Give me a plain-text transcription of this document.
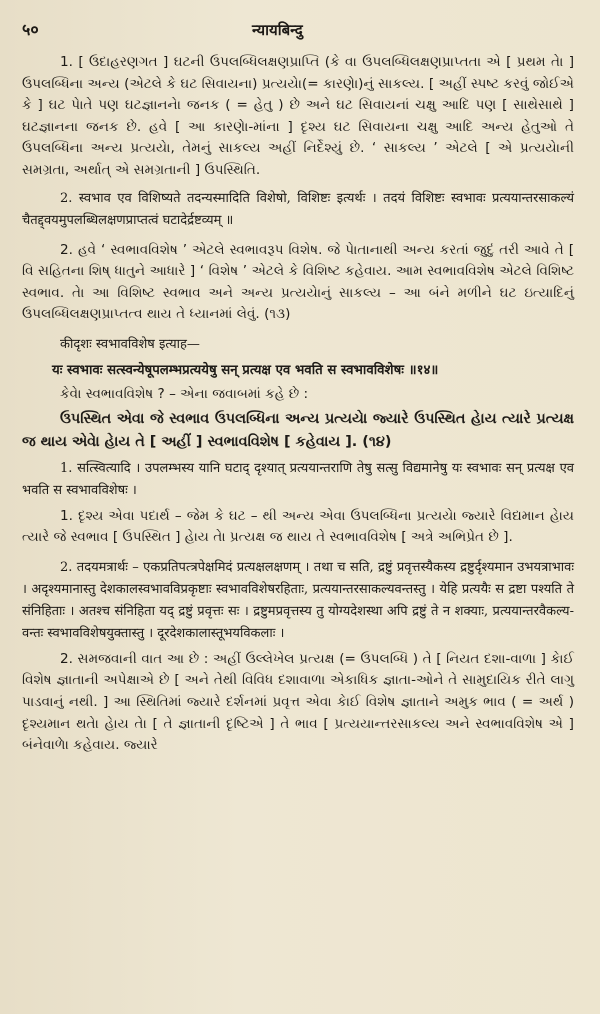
५०	न्यायबिन्दु

1. [ ઉદાહરણગત ] ઘટની ઉપલબ્ધિલક્ષણપ્રાપ્તિ (કે વા ઉપલબ્ધિલક્ષણપ્રાપ્તતા એ [ પ્રથમ તેા ] ઉપલબ્ધિના અન્ય (એટલે કે ઘટ સિવાયના) પ્રત્યયેા(= કારણેા)નું સાકલ્ય. [ અહીં સ્પષ્ટ કરવું જોઈએ કે ] ઘટ પેાતે પણ ઘટજ્ઞાનનેા જનક ( = હેતુ ) છે અને ઘટ સિવાયનાં ચક્ષુ આદિ પણ [ સાથેસાથે ] ઘટજ્ઞાનના જનક છે. હવે [ આ કારણેા-માંના ] દૃશ્ય ઘટ સિવાયના ચક્ષુ આદિ અન્ય હેતુઓ તે ઉપલબ્ધિના અન્ય પ્રત્યયેા, તેમનું સાકલ્ય અહીં નિર્દેશ્યું છે. ‘ સાકલ્ય ’ એટલે [ એ પ્રત્યયેાની સમગ્રતા, અર્થાત્ એ સમગ્રતાની ] ઉપસ્થિતિ.

2. स्वभाव एव विशिष्यते तदन्यस्मादिति विशेषो, विशिष्टः इत्यर्थः । तदयं विशिष्टः स्वभावः प्रत्ययान्तरसाकल्यं चैतद्द्वयमुपलब्धिलक्षणप्राप्तत्वं घटादेर्द्रष्टव्यम् ॥

2. હવે ‘ સ્વભાવવિશેષ ’ એટલે સ્વભાવરૂપ વિશેષ. જે પેાતાનાથી અન્ય કરતાં જુદું તરી આવે તે [ વિ સહિતના શિષ્ ધાતુને આધારે ] ‘ વિશેષ ’ એટલે કે વિશિષ્ટ કહેવાય. આમ સ્વભાવવિશેષ એટલે વિશિષ્ટ સ્વભાવ. તેા આ વિશિષ્ટ સ્વભાવ અને અન્ય પ્રત્યયેાનું સાકલ્ય – આ બંને મળીને ઘટ ઇત્યાદિનું ઉપલબ્ધિલક્ષણપ્રાપ્તત્વ થાય તે ધ્યાનમાં લેવું. (૧૩)

कीदृशः स्वभावविशेष इत्याह—

यः स्वभावः सत्स्वन्येषूपलम्भप्रत्ययेषु सन् प्रत्यक्ष एव भवति स स्वभावविशेषः ॥१४॥

કેવેા સ્વભાવવિશેષ ? – એના જવાબમાં કહે છે :

ઉપસ્થિત એવા જે સ્વભાવ ઉપલબ્ધિના અન્ય પ્રત્યયેા જ્યારે ઉપસ્થિત હેાય ત્યારે પ્રત્યક્ષ જ થાય એવેા હેાય તે [ અહીં ] સ્વભાવવિશેષ [ કહેવાય ]. (૧૪)

1. सत्स्वित्यादि । उपलम्भस्य यानि घटाद् दृश्यात् प्रत्ययान्तराणि तेषु सत्सु विद्यमानेषु यः स्वभावः सन् प्रत्यक्ष एव भवति स स्वभावविशेषः ।

1. દૃશ્ય એવા પદાર્થ – જેમ કે ઘટ – થી અન્ય એવા ઉપલબ્ધિના પ્રત્યયેા જ્યારે વિદ્યમાન હેાય ત્યારે જે સ્વભાવ [ ઉપસ્થિત ] હેાય તેા પ્રત્યક્ષ જ થાય તે સ્વભાવવિશેષ [ અત્રે અભિપ્રેત છે ].

2. तदयमत्रार्थः – एकप्रतिपत्त्रपेक्षमिदं प्रत्यक्षलक्षणम् । तथा च सति, द्रष्टुं प्रवृत्तस्यैकस्य द्रष्टुर्दृश्यमान उभयत्राभावः । अदृश्यमानास्तु देशकालस्वभावविप्रकृष्टाः स्वभावविशेषरहिताः, प्रत्ययान्तरसाकल्यवन्तस्तु । येहि प्रत्ययैः स द्रष्टा पश्यति ते संनिहिताः । अतश्च संनिहिता यद् द्रष्टुं प्रवृत्तः सः । द्रष्टुमप्रवृत्तस्य तु योग्यदेशस्था अपि द्रष्टुं ते न शक्याः, प्रत्ययान्तरवैकल्य-वन्तः स्वभावविशेषयुक्तास्तु । दूरदेशकालास्तूभयविकलाः ।

2. સમજવાની વાત આ છે : અહીં ઉલ્લેખેલ પ્રત્યક્ષ (= ઉપલબ્ધિ ) તે [ નિયત દશા-વાળા ] કેાઈ વિશેષ જ્ઞાતાની અપેક્ષાએ છે [ અને તેથી વિવિધ દશાવાળા એકાધિક જ્ઞાતા-ઓને તે સામુદાયિક રીતે લાગુ પાડવાનું નથી. ] આ સ્થિતિમાં જ્યારે દર્શનમાં પ્રવૃત્ત એવા કેાઈ વિશેષ જ્ઞાતાને અમુક ભાવ ( = અર્થ ) દૃશ્યમાન થતેા હેાય તેા [ તે જ્ઞાતાની દૃષ્ટિએ ] તે ભાવ [ પ્રત્યયાન્તરસાકલ્ય અને સ્વભાવવિશેષ એ ] બંનેવાળેા કહેવાય. જ્યારે
